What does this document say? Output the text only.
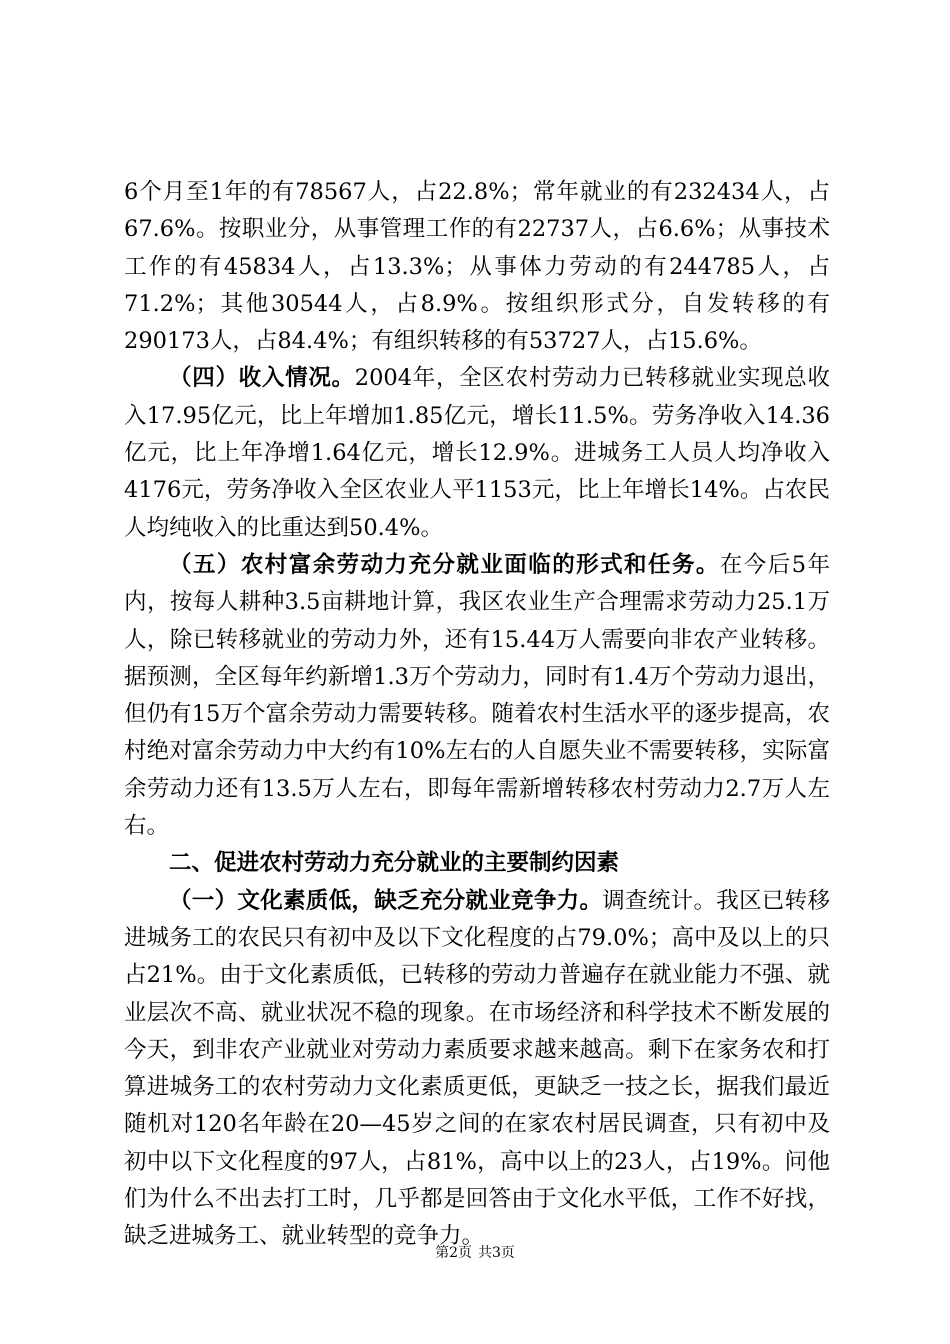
6个月至1年的有78567人，占22.8%；常年就业的有232434人，占67.6%。按职业分，从事管理工作的有22737人，占6.6%；从事技术工作的有45834人，占13.3%；从事体力劳动的有244785人，占71.2%；其他30544人，占8.9%。按组织形式分，自发转移的有290173人，占84.4%；有组织转移的有53727人，占15.6%。

（四）收入情况。2004年，全区农村劳动力已转移就业实现总收入17.95亿元，比上年增加1.85亿元，增长11.5%。劳务净收入14.36亿元，比上年净增1.64亿元，增长12.9%。进城务工人员人均净收入4176元，劳务净收入全区农业人平1153元，比上年增长14%。占农民人均纯收入的比重达到50.4%。

（五）农村富余劳动力充分就业面临的形式和任务。在今后5年内，按每人耕种3.5亩耕地计算，我区农业生产合理需求劳动力25.1万人，除已转移就业的劳动力外，还有15.44万人需要向非农产业转移。据预测，全区每年约新增1.3万个劳动力，同时有1.4万个劳动力退出，但仍有15万个富余劳动力需要转移。随着农村生活水平的逐步提高，农村绝对富余劳动力中大约有10%左右的人自愿失业不需要转移，实际富余劳动力还有13.5万人左右，即每年需新增转移农村劳动力2.7万人左右。

二、促进农村劳动力充分就业的主要制约因素

（一）文化素质低，缺乏充分就业竞争力。调查统计。我区已转移进城务工的农民只有初中及以下文化程度的占79.0%；高中及以上的只占21%。由于文化素质低，已转移的劳动力普遍存在就业能力不强、就业层次不高、就业状况不稳的现象。在市场经济和科学技术不断发展的今天，到非农产业就业对劳动力素质要求越来越高。剩下在家务农和打算进城务工的农村劳动力文化素质更低，更缺乏一技之长，据我们最近随机对120名年龄在20—45岁之间的在家农村居民调查，只有初中及初中以下文化程度的97人，占81%，高中以上的23人，占19%。问他们为什么不出去打工时，几乎都是回答由于文化水平低，工作不好找，缺乏进城务工、就业转型的竞争力。

第2页 共3页
